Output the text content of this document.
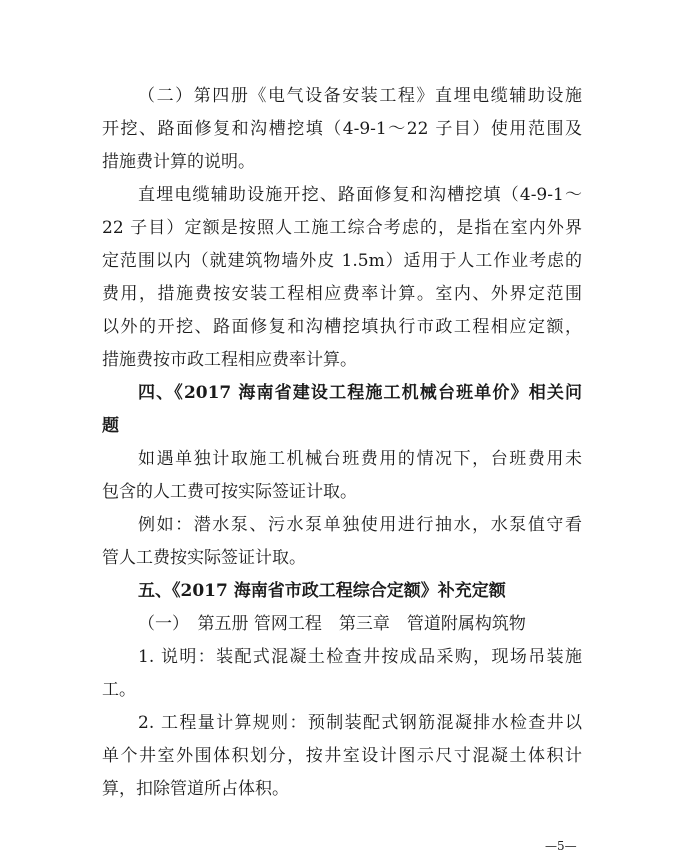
（二）第四册《电气设备安装工程》直埋电缆辅助设施
开挖、路面修复和沟槽挖填（4-9-1～22 子目）使用范围及
措施费计算的说明。
直埋电缆辅助设施开挖、路面修复和沟槽挖填（4-9-1～
22 子目）定额是按照人工施工综合考虑的，是指在室内外界
定范围以内（就建筑物墙外皮 1.5m）适用于人工作业考虑的
费用，措施费按安装工程相应费率计算。室内、外界定范围
以外的开挖、路面修复和沟槽挖填执行市政工程相应定额，
措施费按市政工程相应费率计算。
四、《2017 海南省建设工程施工机械台班单价》相关问
题
如遇单独计取施工机械台班费用的情况下，台班费用未
包含的人工费可按实际签证计取。
例如：潜水泵、污水泵单独使用进行抽水，水泵值守看
管人工费按实际签证计取。
五、《2017 海南省市政工程综合定额》补充定额
（一）　第五册 管网工程　第三章　管道附属构筑物
1. 说明：装配式混凝土检查井按成品采购，现场吊装施
工。
2. 工程量计算规则：预制装配式钢筋混凝排水检查井以
单个井室外围体积划分，按井室设计图示尺寸混凝土体积计
算，扣除管道所占体积。
—5—
